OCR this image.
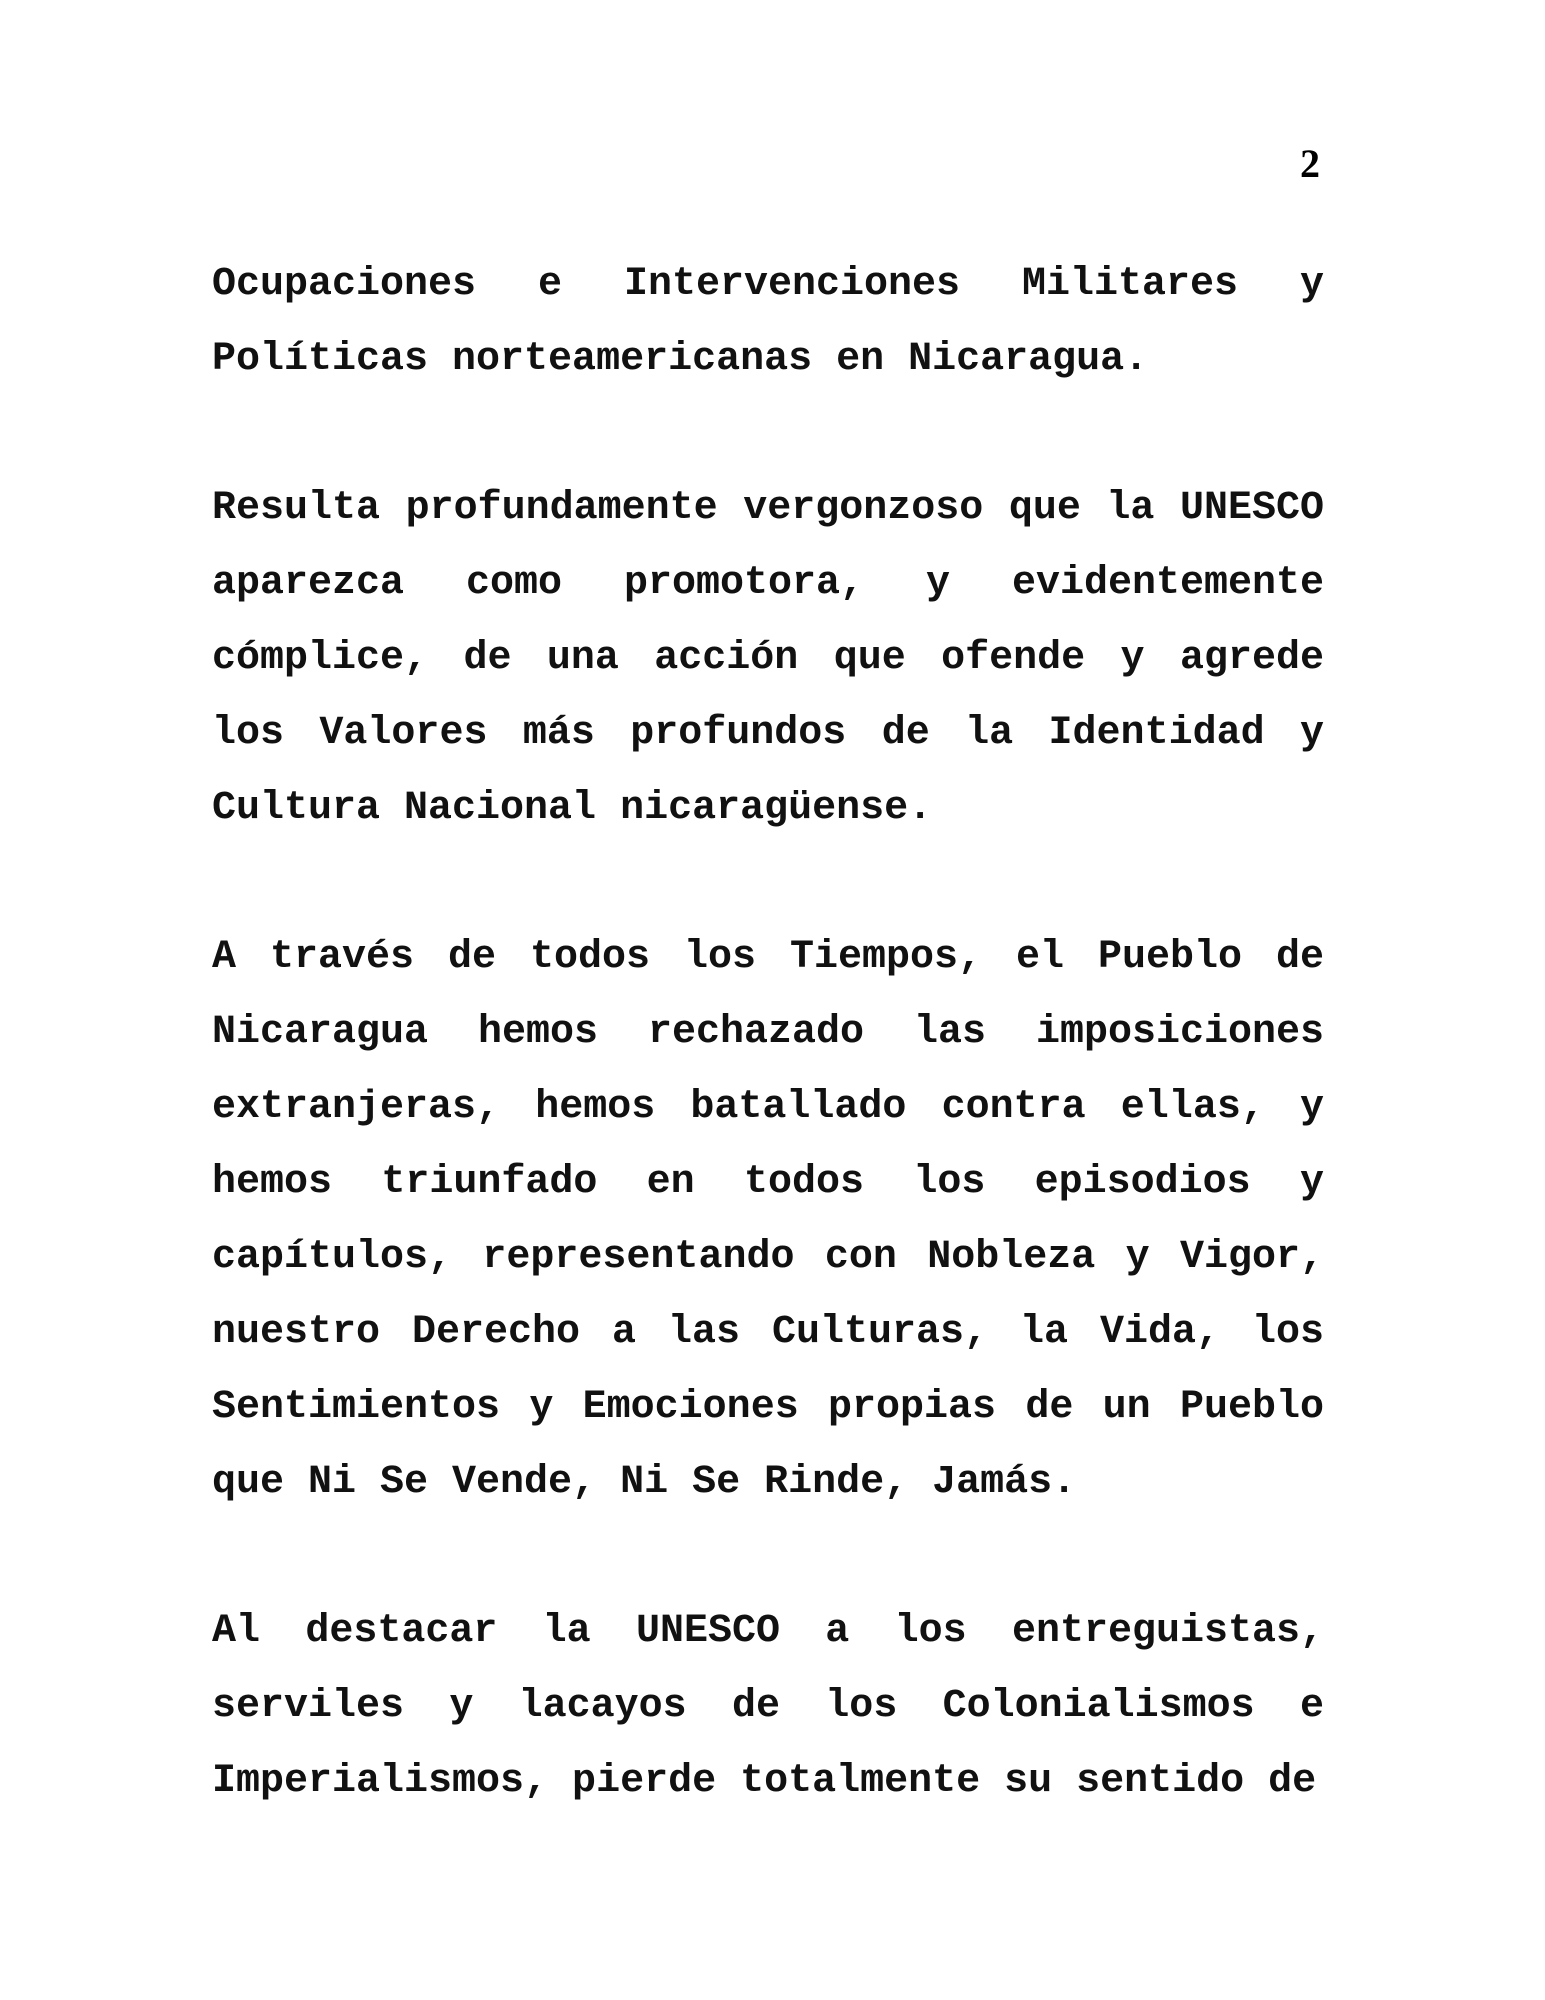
2

Ocupaciones e Intervenciones Militares y Políticas norteamericanas en Nicaragua.

Resulta profundamente vergonzoso que la UNESCO aparezca como promotora, y evidentemente cómplice, de una acción que ofende y agrede los Valores más profundos de la Identidad y Cultura Nacional nicaragüense.

A través de todos los Tiempos, el Pueblo de Nicaragua hemos rechazado las imposiciones extranjeras, hemos batallado contra ellas, y hemos triunfado en todos los episodios y capítulos, representando con Nobleza y Vigor, nuestro Derecho a las Culturas, la Vida, los Sentimientos y Emociones propias de un Pueblo que Ni Se Vende, Ni Se Rinde, Jamás.

Al destacar la UNESCO a los entreguistas, serviles y lacayos de los Colonialismos e Imperialismos, pierde totalmente su sentido de
